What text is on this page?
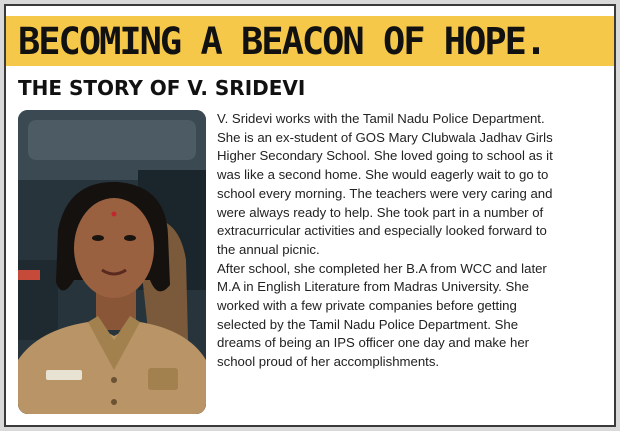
BECOMING A BEACON OF HOPE.
THE STORY OF V. SRIDEVI

V. Sridevi works with the Tamil Nadu Police Department.
She is an ex-student of GOS Mary Clubwala Jadhav Girls
Higher Secondary School. She loved going to school as it
was like a second home. She would eagerly wait to go to
school every morning. The teachers were very caring and
were always ready to help. She took part in a number of
extracurricular activities and especially looked forward to
the annual picnic.

After school, she completed her B.A from WCC and later
M.A in English Literature from Madras University. She
worked with a few private companies before getting
selected by the Tamil Nadu Police Department. She
dreams of being an IPS officer one day and make her
school proud of her accomplishments.
